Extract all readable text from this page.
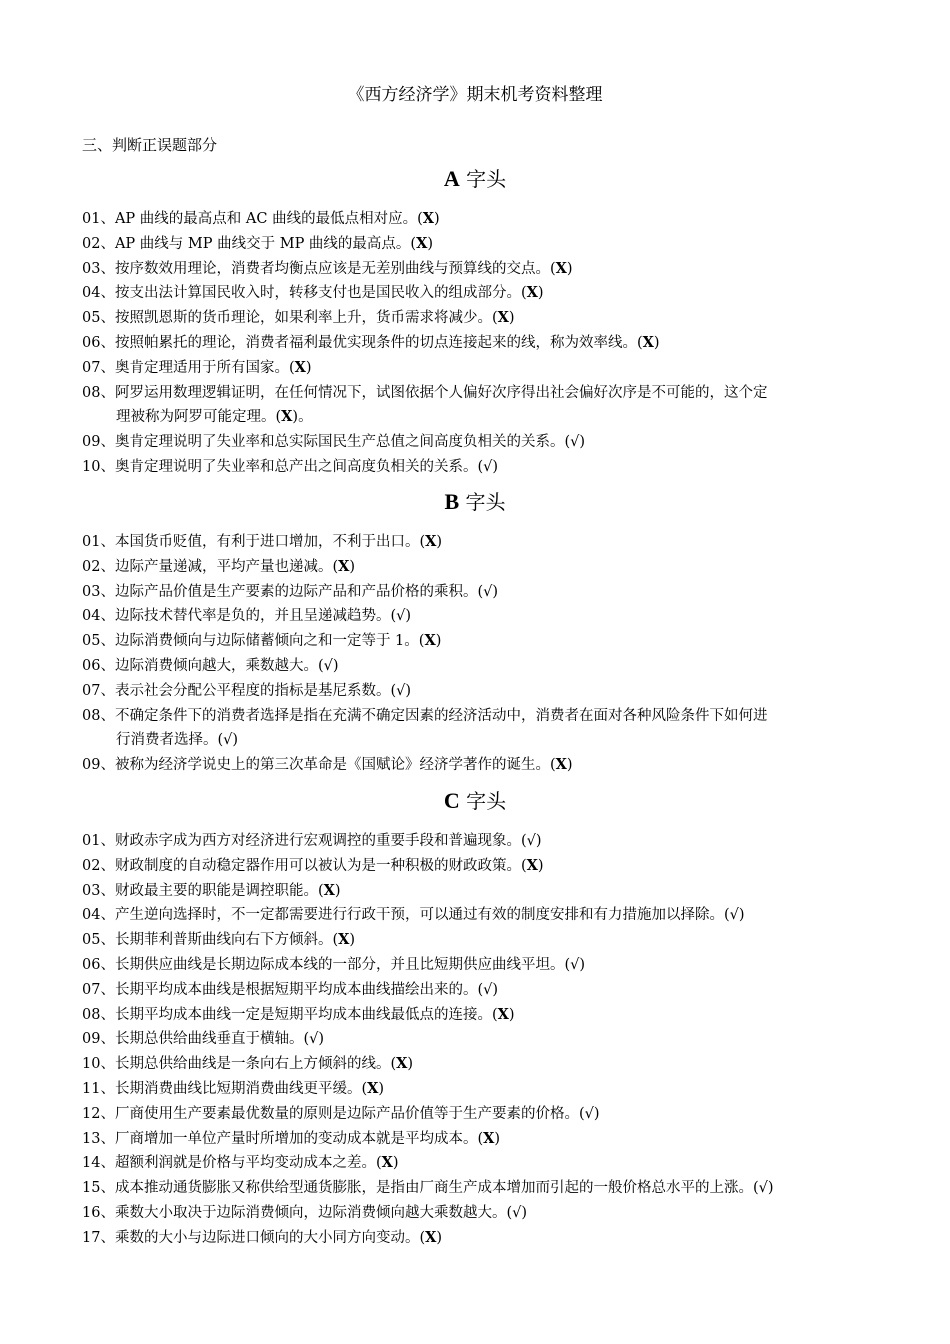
《西方经济学》期末机考资料整理
三、判断正误题部分
A 字头
01、AP 曲线的最高点和 AC 曲线的最低点相对应。(X)
02、AP 曲线与 MP 曲线交于 MP 曲线的最高点。(X)
03、按序数效用理论，消费者均衡点应该是无差别曲线与预算线的交点。(X)
04、按支出法计算国民收入时，转移支付也是国民收入的组成部分。(X)
05、按照凯恩斯的货币理论，如果利率上升，货币需求将减少。(X)
06、按照帕累托的理论，消费者福利最优实现条件的切点连接起来的线，称为效率线。(X)
07、奥肯定理适用于所有国家。(X)
08、阿罗运用数理逻辑证明，在任何情况下，试图依据个人偏好次序得出社会偏好次序是不可能的，这个定
理被称为阿罗可能定理。(X)。
09、奥肯定理说明了失业率和总实际国民生产总值之间高度负相关的关系。(√)
10、奥肯定理说明了失业率和总产出之间高度负相关的关系。(√)
B 字头
01、本国货币贬值，有利于进口增加，不利于出口。(X)
02、边际产量递减，平均产量也递减。(X)
03、边际产品价值是生产要素的边际产品和产品价格的乘积。(√)
04、边际技术替代率是负的，并且呈递减趋势。(√)
05、边际消费倾向与边际储蓄倾向之和一定等于 1。(X)
06、边际消费倾向越大，乘数越大。(√)
07、表示社会分配公平程度的指标是基尼系数。(√)
08、不确定条件下的消费者选择是指在充满不确定因素的经济活动中，消费者在面对各种风险条件下如何进
行消费者选择。(√)
09、被称为经济学说史上的第三次革命是《国赋论》经济学著作的诞生。(X)
C 字头
01、财政赤字成为西方对经济进行宏观调控的重要手段和普遍现象。(√)
02、财政制度的自动稳定器作用可以被认为是一种积极的财政政策。(X)
03、财政最主要的职能是调控职能。(X)
04、产生逆向选择时，不一定都需要进行行政干预，可以通过有效的制度安排和有力措施加以择除。(√)
05、长期菲利普斯曲线向右下方倾斜。(X)
06、长期供应曲线是长期边际成本线的一部分，并且比短期供应曲线平坦。(√)
07、长期平均成本曲线是根据短期平均成本曲线描绘出来的。(√)
08、长期平均成本曲线一定是短期平均成本曲线最低点的连接。(X)
09、长期总供给曲线垂直于横轴。(√)
10、长期总供给曲线是一条向右上方倾斜的线。(X)
11、长期消费曲线比短期消费曲线更平缓。(X)
12、厂商使用生产要素最优数量的原则是边际产品价值等于生产要素的价格。(√)
13、厂商增加一单位产量时所增加的变动成本就是平均成本。(X)
14、超额利润就是价格与平均变动成本之差。(X)
15、成本推动通货膨胀又称供给型通货膨胀，是指由厂商生产成本增加而引起的一般价格总水平的上涨。(√)
16、乘数大小取决于边际消费倾向，边际消费倾向越大乘数越大。(√)
17、乘数的大小与边际进口倾向的大小同方向变动。(X)
